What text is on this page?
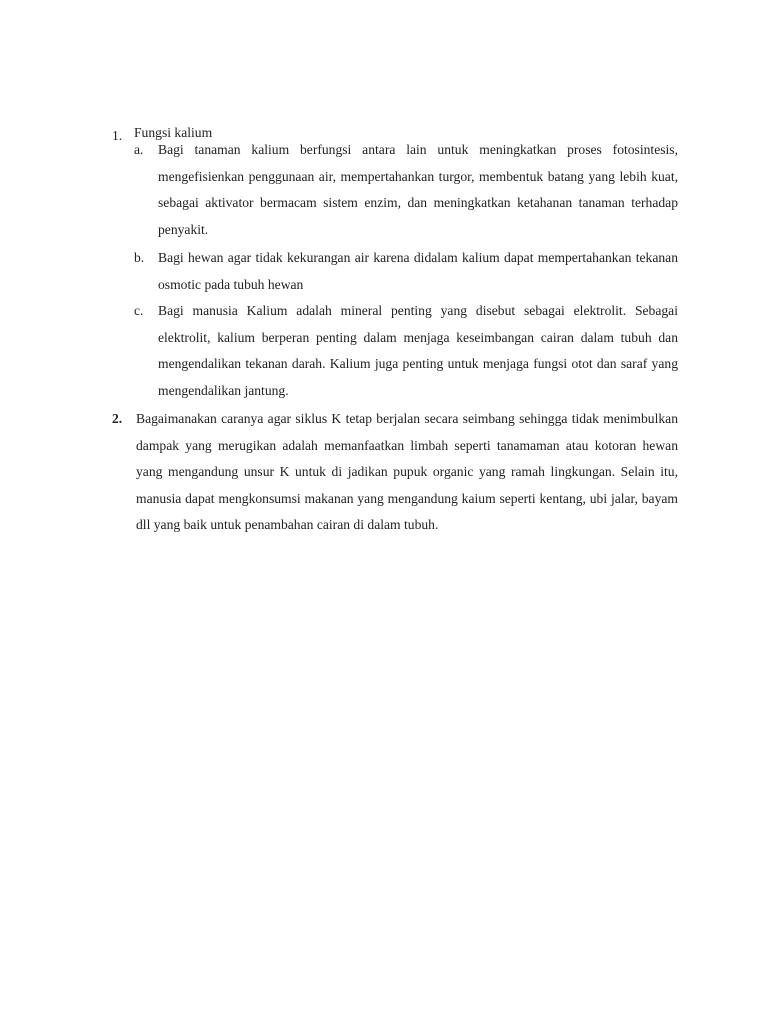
1. Fungsi kalium
a. Bagi tanaman kalium berfungsi antara lain untuk meningkatkan proses fotosintesis, mengefisienkan penggunaan air, mempertahankan turgor, membentuk batang yang lebih kuat, sebagai aktivator bermacam sistem enzim, dan meningkatkan ketahanan tanaman terhadap penyakit.
b. Bagi hewan agar tidak kekurangan air karena didalam kalium dapat mempertahankan tekanan osmotic pada tubuh hewan
c. Bagi manusia Kalium adalah mineral penting yang disebut sebagai elektrolit. Sebagai elektrolit, kalium berperan penting dalam menjaga keseimbangan cairan dalam tubuh dan mengendalikan tekanan darah. Kalium juga penting untuk menjaga fungsi otot dan saraf yang mengendalikan jantung.
2. Bagaimanakan caranya agar siklus K tetap berjalan secara seimbang sehingga tidak menimbulkan dampak yang merugikan adalah memanfaatkan limbah seperti tanamaman atau kotoran hewan yang mengandung unsur K untuk di jadikan pupuk organic yang ramah lingkungan. Selain itu, manusia dapat mengkonsumsi makanan yang mengandung kaium seperti kentang, ubi jalar, bayam dll yang baik untuk penambahan cairan di dalam tubuh.
